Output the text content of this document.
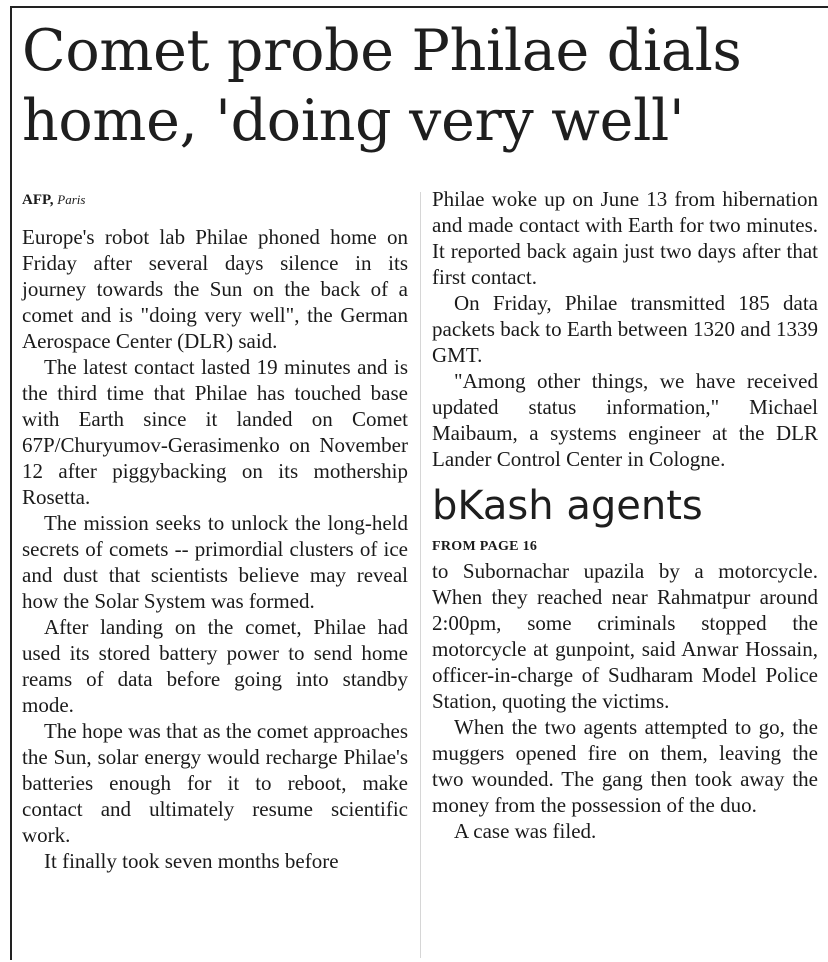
Comet probe Philae dials home, 'doing very well'
AFP, Paris

Europe's robot lab Philae phoned home on Friday after several days silence in its journey towards the Sun on the back of a comet and is "doing very well", the German Aerospace Center (DLR) said.

The latest contact lasted 19 minutes and is the third time that Philae has touched base with Earth since it landed on Comet 67P/Churyumov-Gerasimenko on November 12 after piggybacking on its mothership Rosetta.

The mission seeks to unlock the long-held secrets of comets -- primordial clusters of ice and dust that scientists believe may reveal how the Solar System was formed.

After landing on the comet, Philae had used its stored battery power to send home reams of data before going into standby mode.

The hope was that as the comet approaches the Sun, solar energy would recharge Philae's batteries enough for it to reboot, make contact and ultimately resume scientific work.

It finally took seven months before

Philae woke up on June 13 from hibernation and made contact with Earth for two minutes. It reported back again just two days after that first contact.

On Friday, Philae transmitted 185 data packets back to Earth between 1320 and 1339 GMT.

"Among other things, we have received updated status information," Michael Maibaum, a systems engineer at the DLR Lander Control Center in Cologne.

bKash agents
FROM PAGE 16

to Subornachar upazila by a motorcycle. When they reached near Rahmatpur around 2:00pm, some criminals stopped the motorcycle at gunpoint, said Anwar Hossain, officer-in-charge of Sudharam Model Police Station, quoting the victims.

When the two agents attempted to go, the muggers opened fire on them, leaving the two wounded. The gang then took away the money from the possession of the duo.

A case was filed.
